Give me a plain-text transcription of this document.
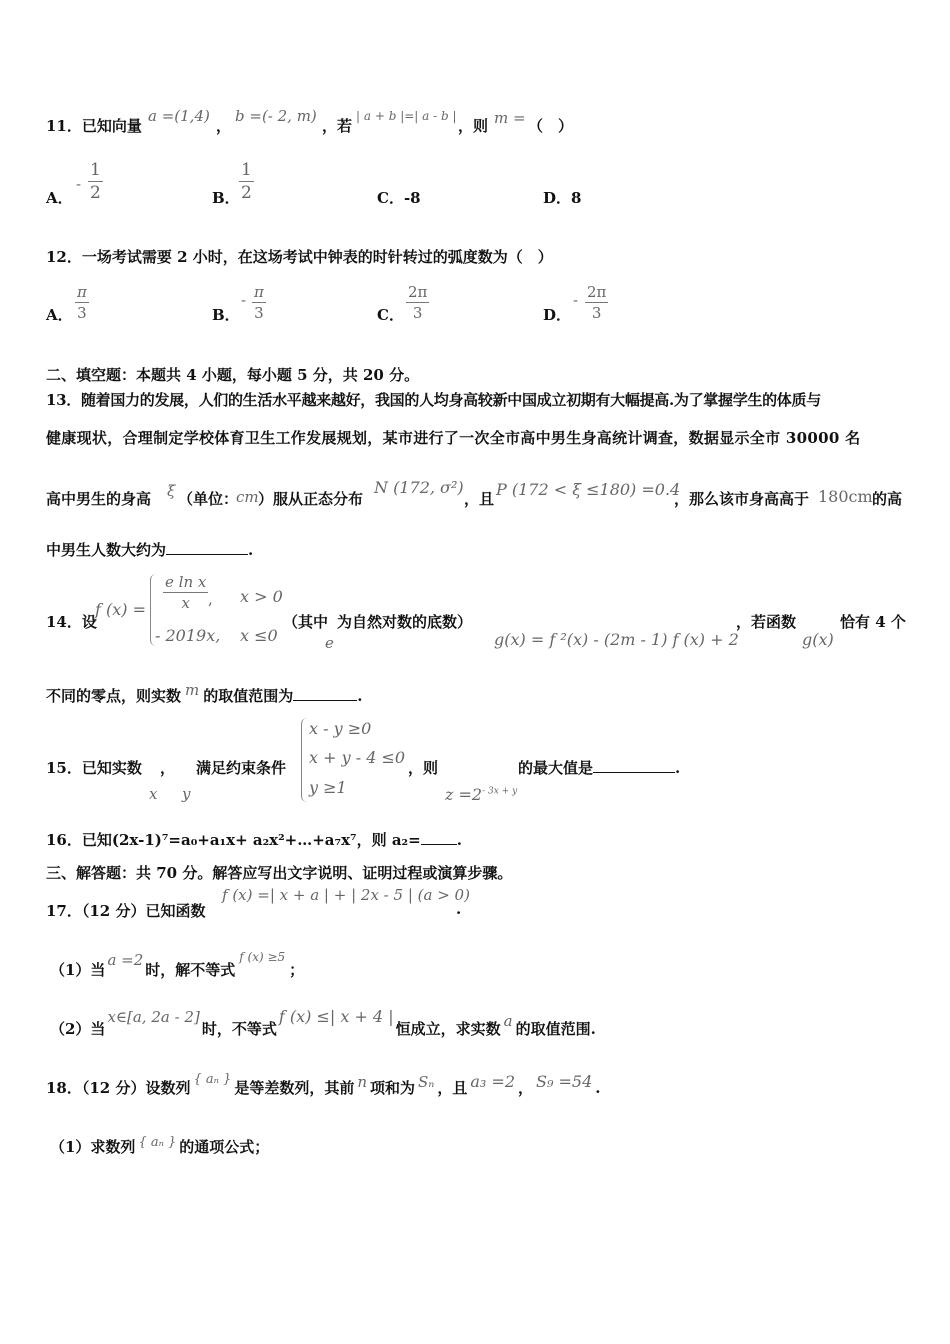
11．已知向量
a =(1,4)
，
b =(- 2, m)
，若
| a + b |=| a - b |
，则 m = （　）
A．
-
1
2	B．
1
2	C．-8	D．8
12．一场考试需要 2 小时，在这场考试中钟表的时针转过的弧度数为（　）
A．
π
3	B．
- π
3	C．
2π
3	D．
- 2π
3
二、填空题：本题共 4 小题，每小题 5 分，共 20 分。
13．随着国力的发展，人们的生活水平越来越好，我国的人均身高较新中国成立初期有大幅提高.为了掌握学生的体质与
健康现状，合理制定学校体育卫生工作发展规划，某市进行了一次全市高中男生身高统计调查，数据显示全市 30000 名
高中男生的身高 ξ （单位：
cm ）服从正态分布
N (172, σ²)
，且 P (172 < ξ ≤180) =0.4
，那么该市身高高于 180cm 的高
中男生人数大约为	.
14．设
f (x) =
e ln x
x	, x > 0
- 2019x, x ≤0
（其中
e
为自然对数的底数）
g(x) = f ²(x) - (2m - 1) f (x) + 2
，若函数
g(x)
恰有 4 个
不同的零点，则实数 m 的取值范围为	.
15．已知实数
x
，
y
满足约束条件
x - y ≥0
x + y - 4 ≤0
y ≥1
，则
$z =2^{- 3x + y}$
的最大值是	.
16．已知(2x-1)⁷=a₀+a₁x+ a₂x²+…+a₇x⁷，则 a₂= .
三、解答题：共 70 分。解答应写出文字说明、证明过程或演算步骤。
17．（12 分）已知函数
f (x) =| x + a | + | 2x - 5 | (a > 0)
.
（1）当a =2时，解不等式$^{f (x) \ge 5}$；
（2）当x∈[a, 2a - 2]时，不等式f (x) ≤| x + 4 |恒成立，求实数 a 的取值范围.
18．（12 分）设数列 { aₙ } 是等差数列，其前 n 项和为 Sₙ ，且 a₃ =2 ， S₉ =54 .
（1）求数列 { aₙ } 的通项公式；
